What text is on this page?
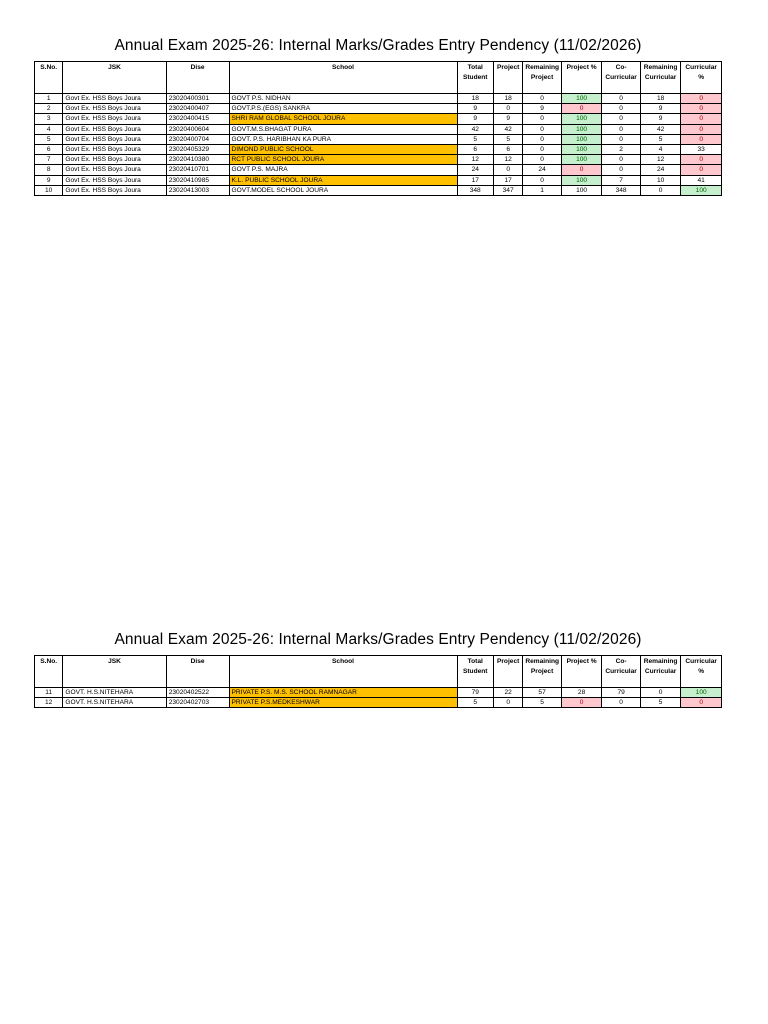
Annual Exam 2025-26: Internal Marks/Grades Entry Pendency (11/02/2026)
S.No.	JSK	Dise	School	Total Student	Project	Remaining Project	Project %	Co-Curricular	Remaining Curricular	Curricular %
1	Govt Ex. HSS Boys Joura	23020400301	GOVT P.S. NIDHAN	18	18	0	100	0	18	0
2	Govt Ex. HSS Boys Joura	23020400407	GOVT.P.S.(EGS) SANKRA	9	0	9	0	0	9	0
3	Govt Ex. HSS Boys Joura	23020400415	SHRI RAM GLOBAL SCHOOL JOURA	9	9	0	100	0	9	0
4	Govt Ex. HSS Boys Joura	23020400604	GOVT.M.S.BHAGAT PURA	42	42	0	100	0	42	0
5	Govt Ex. HSS Boys Joura	23020400704	GOVT. P.S. HARIBHAN KA PURA	5	5	0	100	0	5	0
6	Govt Ex. HSS Boys Joura	23020405329	DIMOND PUBLIC SCHOOL	6	6	0	100	2	4	33
7	Govt Ex. HSS Boys Joura	23020410380	RCT PUBLIC SCHOOL JOURA	12	12	0	100	0	12	0
8	Govt Ex. HSS Boys Joura	23020410701	GOVT P.S. MAJRA	24	0	24	0	0	24	0
9	Govt Ex. HSS Boys Joura	23020410985	K.L. PUBLIC SCHOOL JOURA	17	17	0	100	7	10	41
10	Govt Ex. HSS Boys Joura	23020413003	GOVT.MODEL SCHOOL JOURA	348	347	1	100	348	0	100
Annual Exam 2025-26: Internal Marks/Grades Entry Pendency (11/02/2026)
S.No.	JSK	Dise	School	Total Student	Project	Remaining Project	Project %	Co-Curricular	Remaining Curricular	Curricular %
11	GOVT. H.S.NITEHARA	23020402522	PRIVATE P.S. M.S. SCHOOL RAMNAGAR	79	22	57	28	79	0	100
12	GOVT. H.S.NITEHARA	23020402703	PRIVATE P.S.MEDKESHWAR	5	0	5	0	0	5	0
